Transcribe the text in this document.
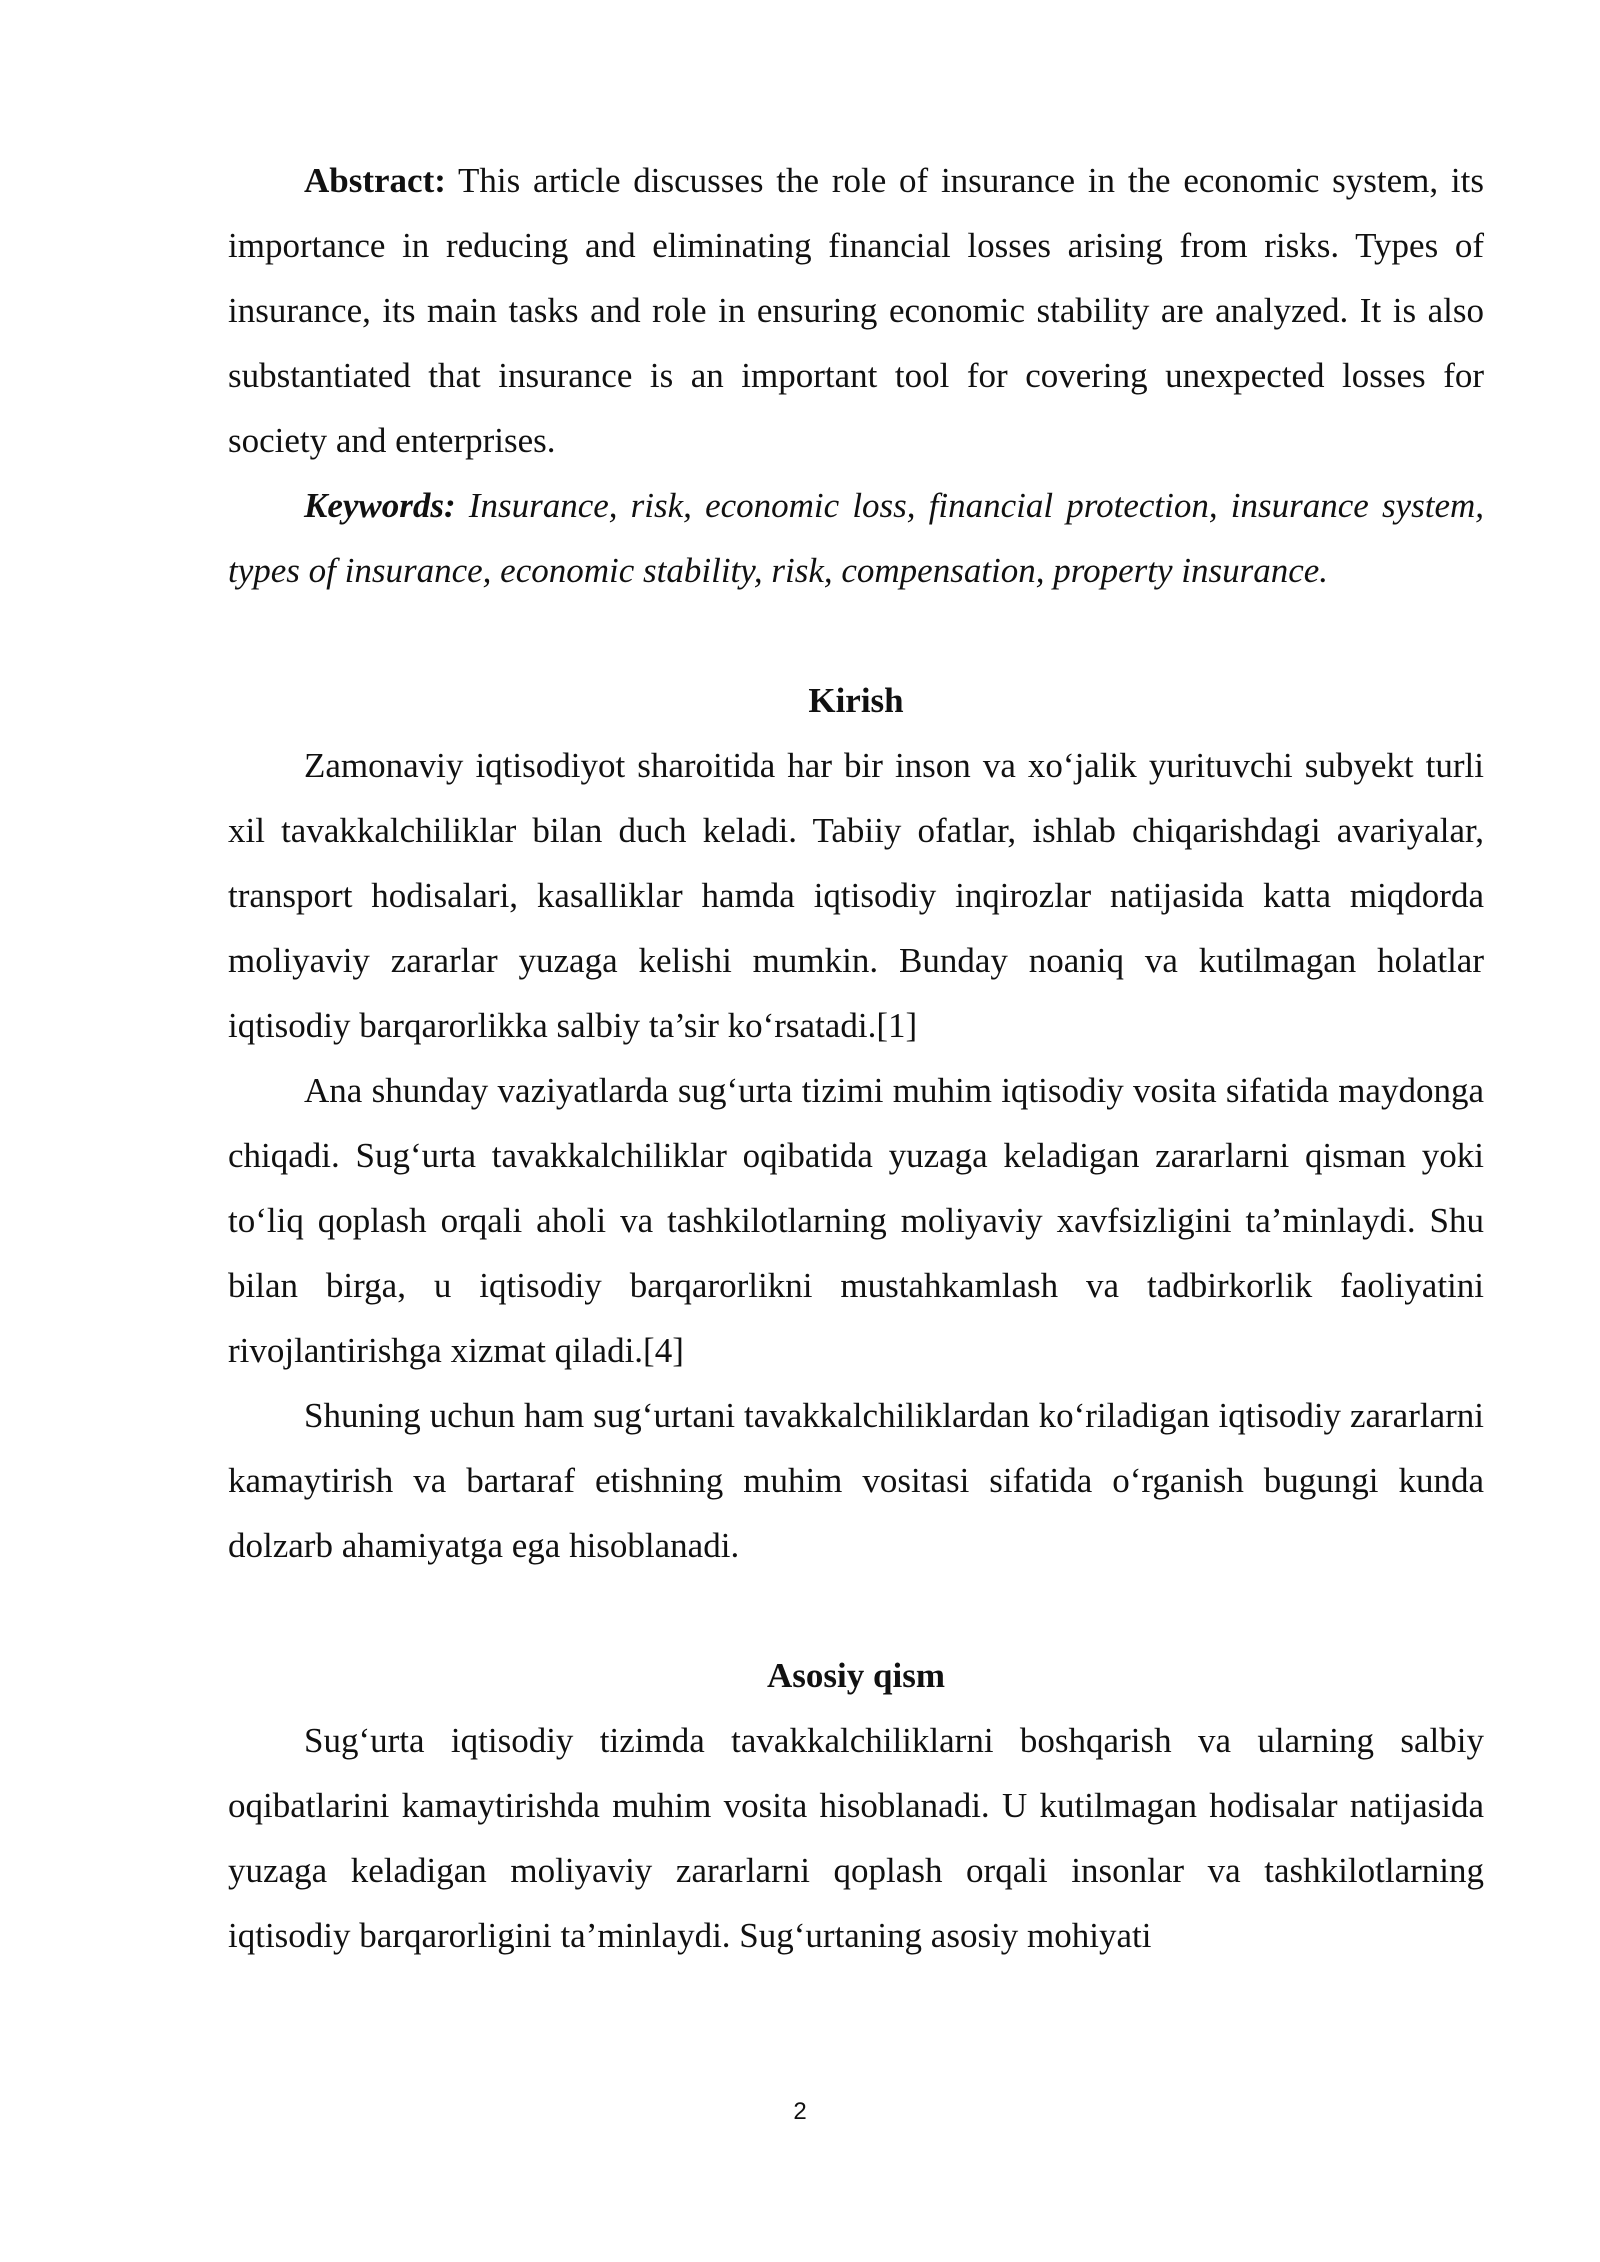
Abstract: This article discusses the role of insurance in the economic system, its importance in reducing and eliminating financial losses arising from risks. Types of insurance, its main tasks and role in ensuring economic stability are analyzed. It is also substantiated that insurance is an important tool for covering unexpected losses for society and enterprises.

Keywords: Insurance, risk, economic loss, financial protection, insurance system, types of insurance, economic stability, risk, compensation, property insurance.

Kirish

Zamonaviy iqtisodiyot sharoitida har bir inson va xo‘jalik yurituvchi subyekt turli xil tavakkalchiliklar bilan duch keladi. Tabiiy ofatlar, ishlab chiqarishdagi avariyalar, transport hodisalari, kasalliklar hamda iqtisodiy inqirozlar natijasida katta miqdorda moliyaviy zararlar yuzaga kelishi mumkin. Bunday noaniq va kutilmagan holatlar iqtisodiy barqarorlikka salbiy ta’sir ko‘rsatadi.[1]

Ana shunday vaziyatlarda sug‘urta tizimi muhim iqtisodiy vosita sifatida maydonga chiqadi. Sug‘urta tavakkalchiliklar oqibatida yuzaga keladigan zararlarni qisman yoki to‘liq qoplash orqali aholi va tashkilotlarning moliyaviy xavfsizligini ta’minlaydi. Shu bilan birga, u iqtisodiy barqarorlikni mustahkamlash va tadbirkorlik faoliyatini rivojlantirishga xizmat qiladi.[4]

Shuning uchun ham sug‘urtani tavakkalchiliklardan ko‘riladigan iqtisodiy zararlarni kamaytirish va bartaraf etishning muhim vositasi sifatida o‘rganish bugungi kunda dolzarb ahamiyatga ega hisoblanadi.

Asosiy qism

Sug‘urta iqtisodiy tizimda tavakkalchiliklarni boshqarish va ularning salbiy oqibatlarini kamaytirishda muhim vosita hisoblanadi. U kutilmagan hodisalar natijasida yuzaga keladigan moliyaviy zararlarni qoplash orqali insonlar va tashkilotlarning iqtisodiy barqarorligini ta’minlaydi. Sug‘urtaning asosiy mohiyati

2
